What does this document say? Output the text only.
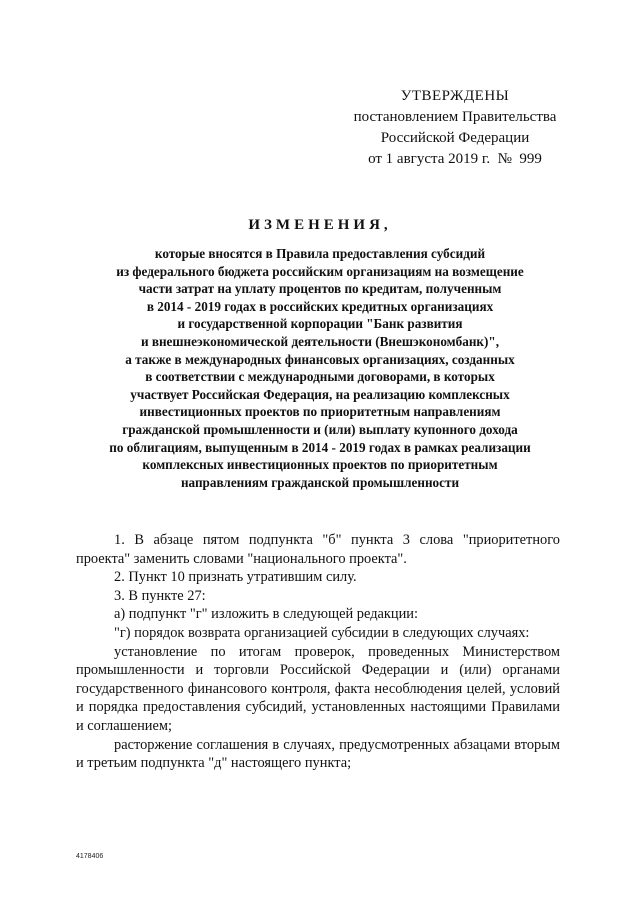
УТВЕРЖДЕНЫ
постановлением Правительства
Российской Федерации
от 1 августа 2019 г.  №  999
ИЗМЕНЕНИЯ,
которые вносятся в Правила предоставления субсидий
из федерального бюджета российским организациям на возмещение
части затрат на уплату процентов по кредитам, полученным
в 2014 - 2019 годах в российских кредитных организациях
и государственной корпорации "Банк развития
и внешнеэкономической деятельности (Внешэкономбанк)",
а также в международных финансовых организациях, созданных
в соответствии с международными договорами, в которых
участвует Российская Федерация, на реализацию комплексных
инвестиционных проектов по приоритетным направлениям
гражданской промышленности и (или) выплату купонного дохода
по облигациям, выпущенным в 2014 - 2019 годах в рамках реализации
комплексных инвестиционных проектов по приоритетным
направлениям гражданской промышленности

1. В абзаце пятом подпункта "б" пункта 3 слова "приоритетного проекта" заменить словами "национального проекта".

2. Пункт 10 признать утратившим силу.

3. В пункте 27:

а) подпункт "г" изложить в следующей редакции:

"г) порядок возврата организацией субсидии в следующих случаях:

установление по итогам проверок, проведенных Министерством промышленности и торговли Российской Федерации и (или) органами государственного финансового контроля, факта несоблюдения целей, условий и порядка предоставления субсидий, установленных настоящими Правилами и соглашением;

расторжение соглашения в случаях, предусмотренных абзацами вторым и третьим подпункта "д" настоящего пункта;

4178406
